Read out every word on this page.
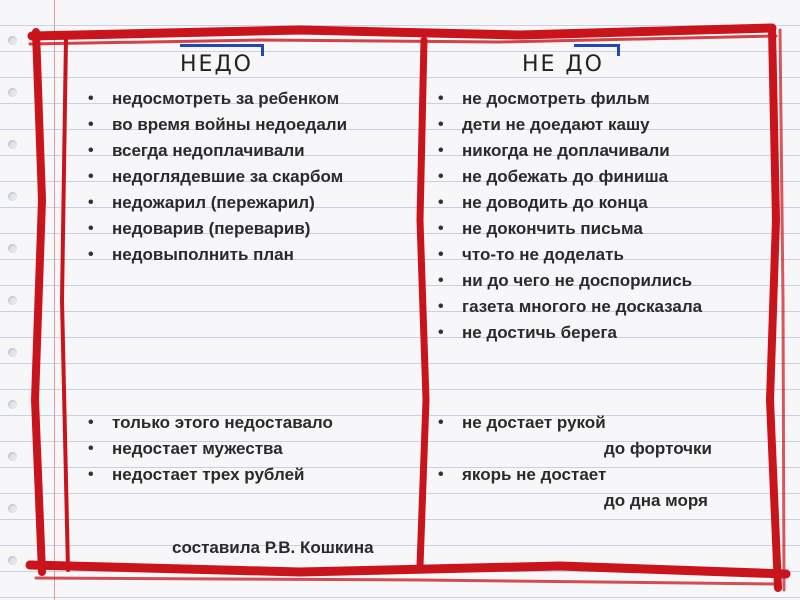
НЕДО	НЕ ДО
• недосмотреть за ребенком
• во время войны недоедали
• всегда недоплачивали
• недоглядевшие за скарбом
• недожарил (пережарил)
• недоварив (переварив)
• недовыполнить план
• не досмотреть фильм
• дети не доедают кашу
• никогда не доплачивали
• не добежать до финиша
• не доводить до конца
• не докончить письма
• что-то не доделать
• ни до чего не доспорились
• газета многого не досказала
• не достичь берега
• только этого недоставало
• недостает мужества
• недостает трех рублей
• не достает рукой
до форточки
• якорь не достает
до дна моря
составила Р.В. Кошкина
